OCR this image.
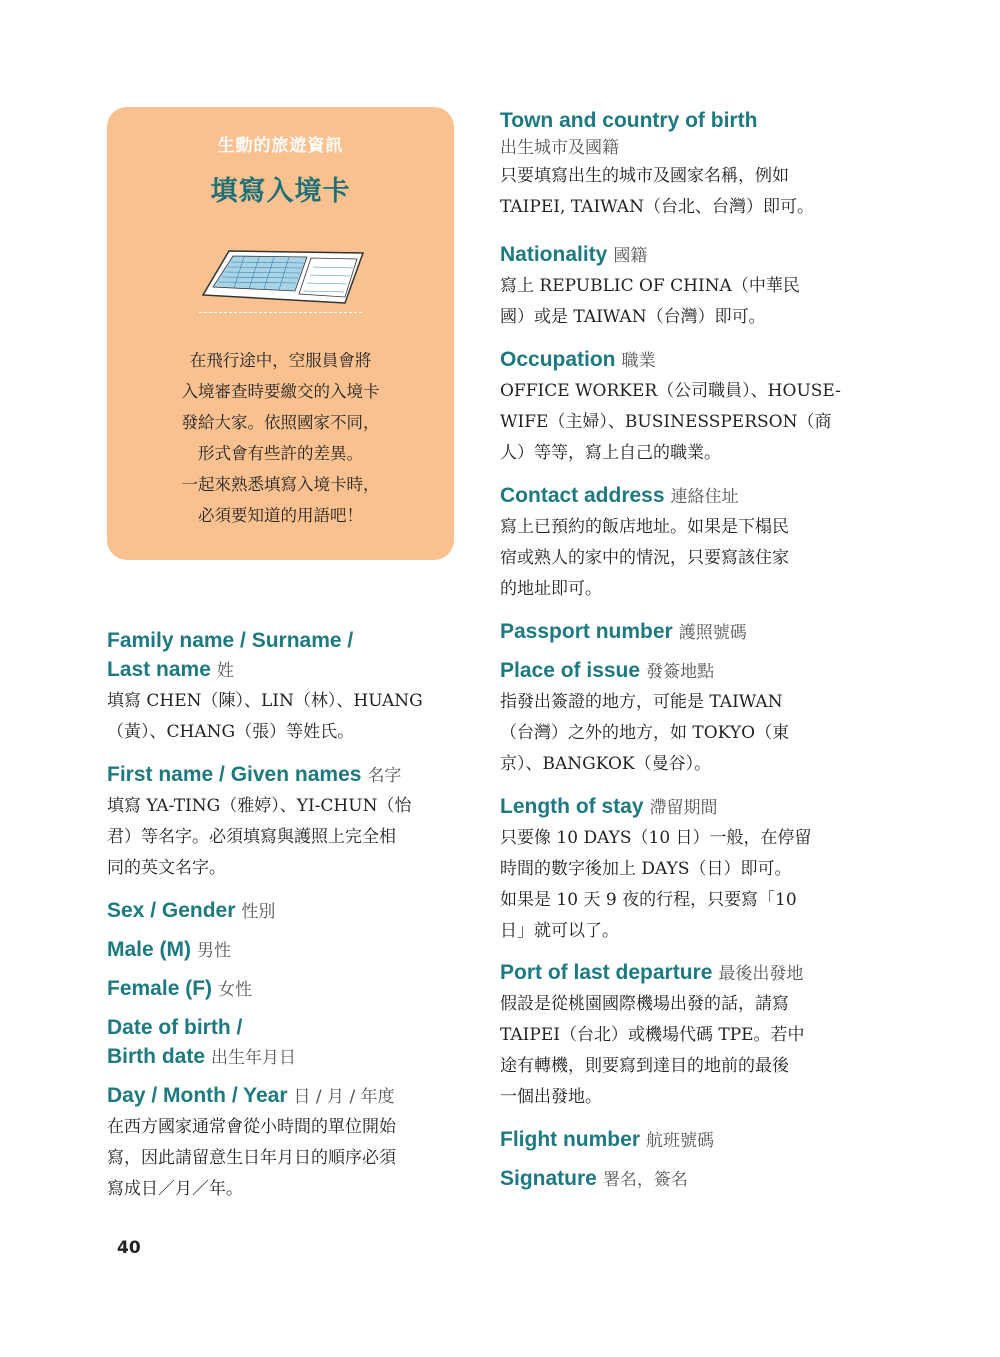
生動的旅遊資訊
填寫入境卡
在飛行途中，空服員會將
入境審查時要繳交的入境卡
發給大家。依照國家不同，
形式會有些許的差異。
一起來熟悉填寫入境卡時，
必須要知道的用語吧！
Family name / Surname /
Last name 姓
填寫 CHEN（陳）、LIN（林）、HUANG
（黃）、CHANG（張）等姓氏。
First name / Given names 名字
填寫 YA-TING（雅婷）、YI-CHUN（怡
君）等名字。必須填寫與護照上完全相
同的英文名字。
Sex / Gender 性別
Male (M) 男性
Female (F) 女性
Date of birth /
Birth date 出生年月日
Day / Month / Year 日 / 月 / 年度
在西方國家通常會從小時間的單位開始
寫，因此請留意生日年月日的順序必須
寫成日／月／年。
Town and country of birth
出生城市及國籍
只要填寫出生的城市及國家名稱，例如
TAIPEI, TAIWAN（台北、台灣）即可。
Nationality 國籍
寫上 REPUBLIC OF CHINA（中華民
國）或是 TAIWAN（台灣）即可。
Occupation 職業
OFFICE WORKER（公司職員）、HOUSE-
WIFE（主婦）、BUSINESSPERSON（商
人）等等，寫上自己的職業。
Contact address 連絡住址
寫上已預約的飯店地址。如果是下榻民
宿或熟人的家中的情況，只要寫該住家
的地址即可。
Passport number 護照號碼
Place of issue 發簽地點
指發出簽證的地方，可能是 TAIWAN
（台灣）之外的地方，如 TOKYO（東
京）、BANGKOK（曼谷）。
Length of stay 滯留期間
只要像 10 DAYS（10 日）一般，在停留
時間的數字後加上 DAYS（日）即可。
如果是 10 天 9 夜的行程，只要寫「10
日」就可以了。
Port of last departure 最後出發地
假設是從桃園國際機場出發的話，請寫
TAIPEI（台北）或機場代碼 TPE。若中
途有轉機，則要寫到達目的地前的最後
一個出發地。
Flight number 航班號碼
Signature 署名，簽名
40
